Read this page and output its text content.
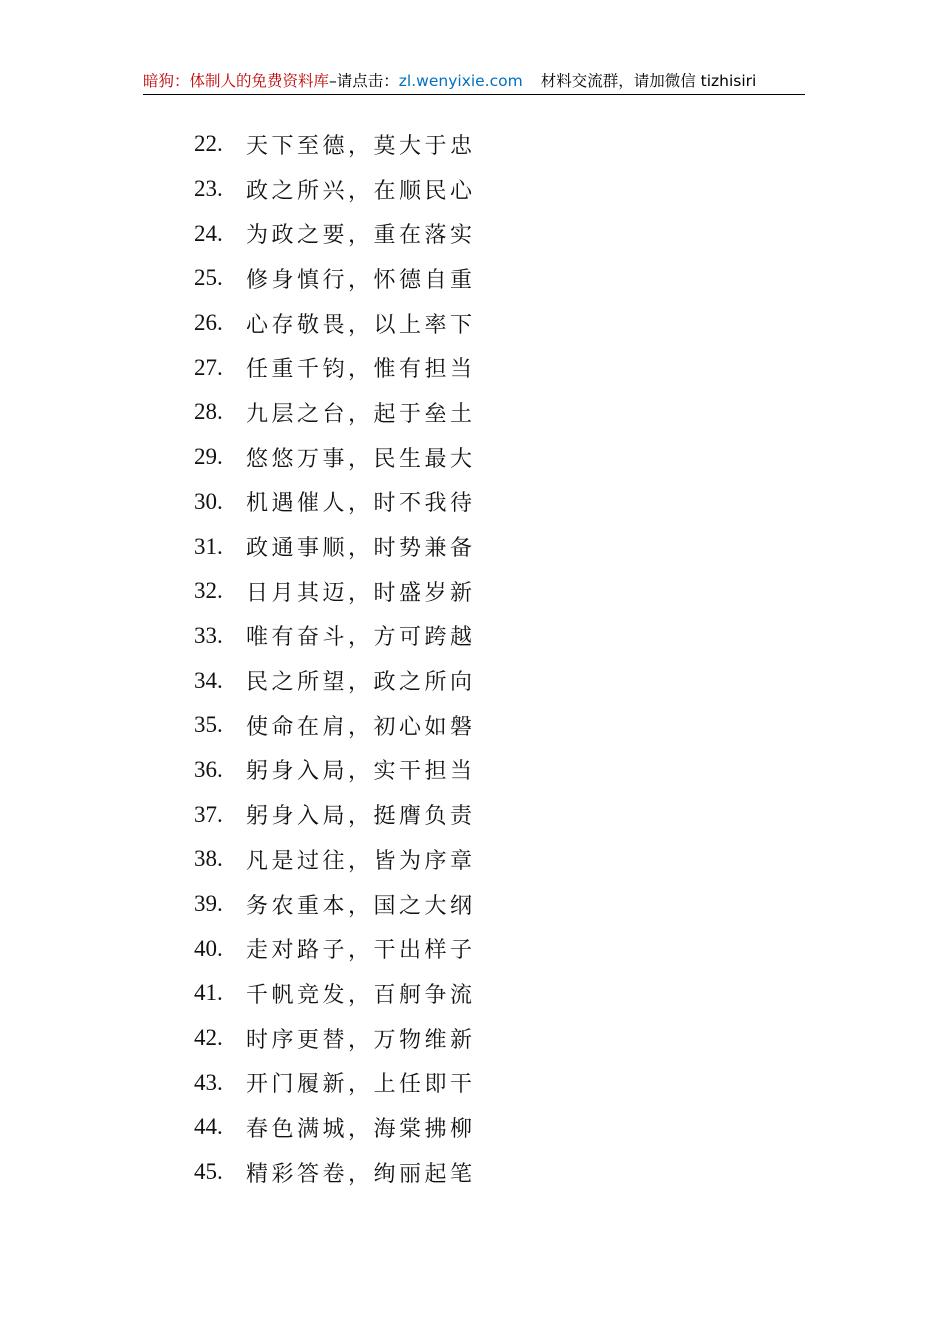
暗狗：体制人的免费资料库–请点击：zl.wenyixie.com 材料交流群，请加微信 tizhisiri
22.	天下至德，莫大于忠
23.	政之所兴，在顺民心
24.	为政之要，重在落实
25.	修身慎行，怀德自重
26.	心存敬畏，以上率下
27.	任重千钧，惟有担当
28.	九层之台，起于垒土
29.	悠悠万事，民生最大
30.	机遇催人，时不我待
31.	政通事顺，时势兼备
32.	日月其迈，时盛岁新
33.	唯有奋斗，方可跨越
34.	民之所望，政之所向
35.	使命在肩，初心如磐
36.	躬身入局，实干担当
37.	躬身入局，挺膺负责
38.	凡是过往，皆为序章
39.	务农重本，国之大纲
40.	走对路子，干出样子
41.	千帆竞发，百舸争流
42.	时序更替，万物维新
43.	开门履新，上任即干
44.	春色满城，海棠拂柳
45.	精彩答卷，绚丽起笔
